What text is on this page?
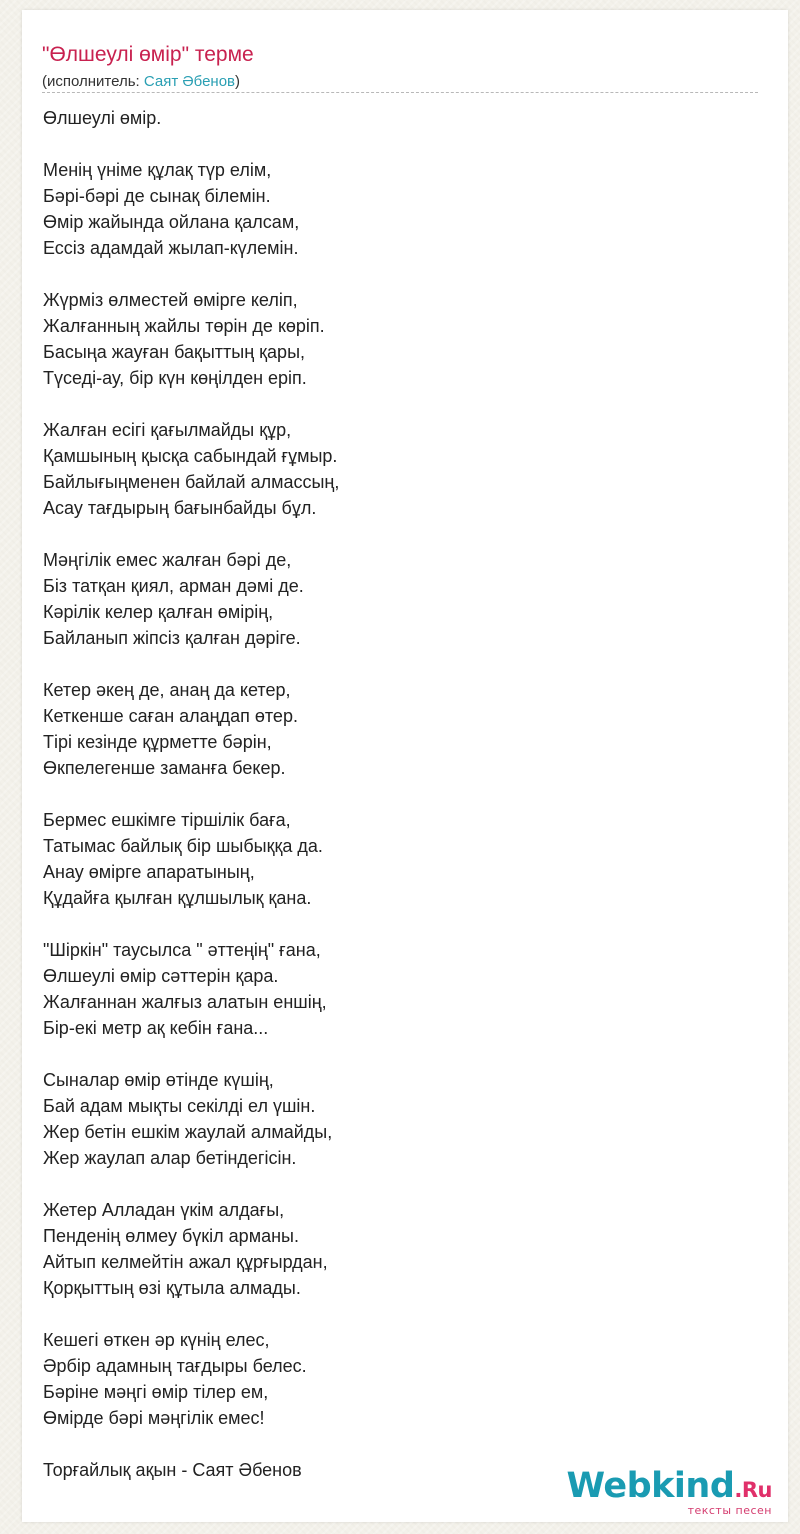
"Өлшеулі өмір" терме
(исполнитель: Саят Әбенов)
Өлшеулі өмір.
Менің үніме құлақ түр елім,
Бәрі-бәрі де сынақ білемін.
Өмір жайында ойлана қалсам,
Ессіз адамдай жылап-күлемін.
Жүрміз өлместей өмірге келіп,
Жалғанның жайлы төрін де көріп.
Басыңа жауған бақыттың қары,
Түседі-ау, бір күн көңілден еріп.
Жалған есігі қағылмайды құр,
Қамшының қысқа сабындай ғұмыр.
Байлығыңменен байлай алмассың,
Асау тағдырың бағынбайды бұл.
Мәңгілік емес жалған бәрі де,
Біз татқан қиял, арман дәмі де.
Кәрілік келер қалған өмірің,
Байланып жіпсіз қалған дәріге.
Кетер әкең де, анаң да кетер,
Кеткенше саған алаңдап өтер.
Тірі кезінде құрметте бәрін,
Өкпелегенше заманға бекер.
Бермес ешкімге тіршілік баға,
Татымас байлық бір шыбыққа да.
Анау өмірге апаратының,
Құдайға қылған құлшылық қана.
"Шіркін" таусылса " әттеңің" ғана,
Өлшеулі өмір сәттерін қара.
Жалғаннан жалғыз алатын еншің,
Бір-екі метр ақ кебін ғана...
Сыналар өмір өтінде күшің,
Бай адам мықты секілді ел үшін.
Жер бетін ешкім жаулай алмайды,
Жер жаулап алар бетіндегісін.
Жетер Алладан үкім алдағы,
Пенденің өлмеу бүкіл арманы.
Айтып келмейтін ажал құрғырдан,
Қорқыттың өзі құтыла алмады.
Кешегі өткен әр күнің елес,
Әрбір адамның тағдыры белес.
Бәріне мәңгі өмір тілер ем,
Өмірде бәрі мәңгілік емес!
Торғайлық ақын - Саят Әбенов	Webkind.Ru
тексты песен
